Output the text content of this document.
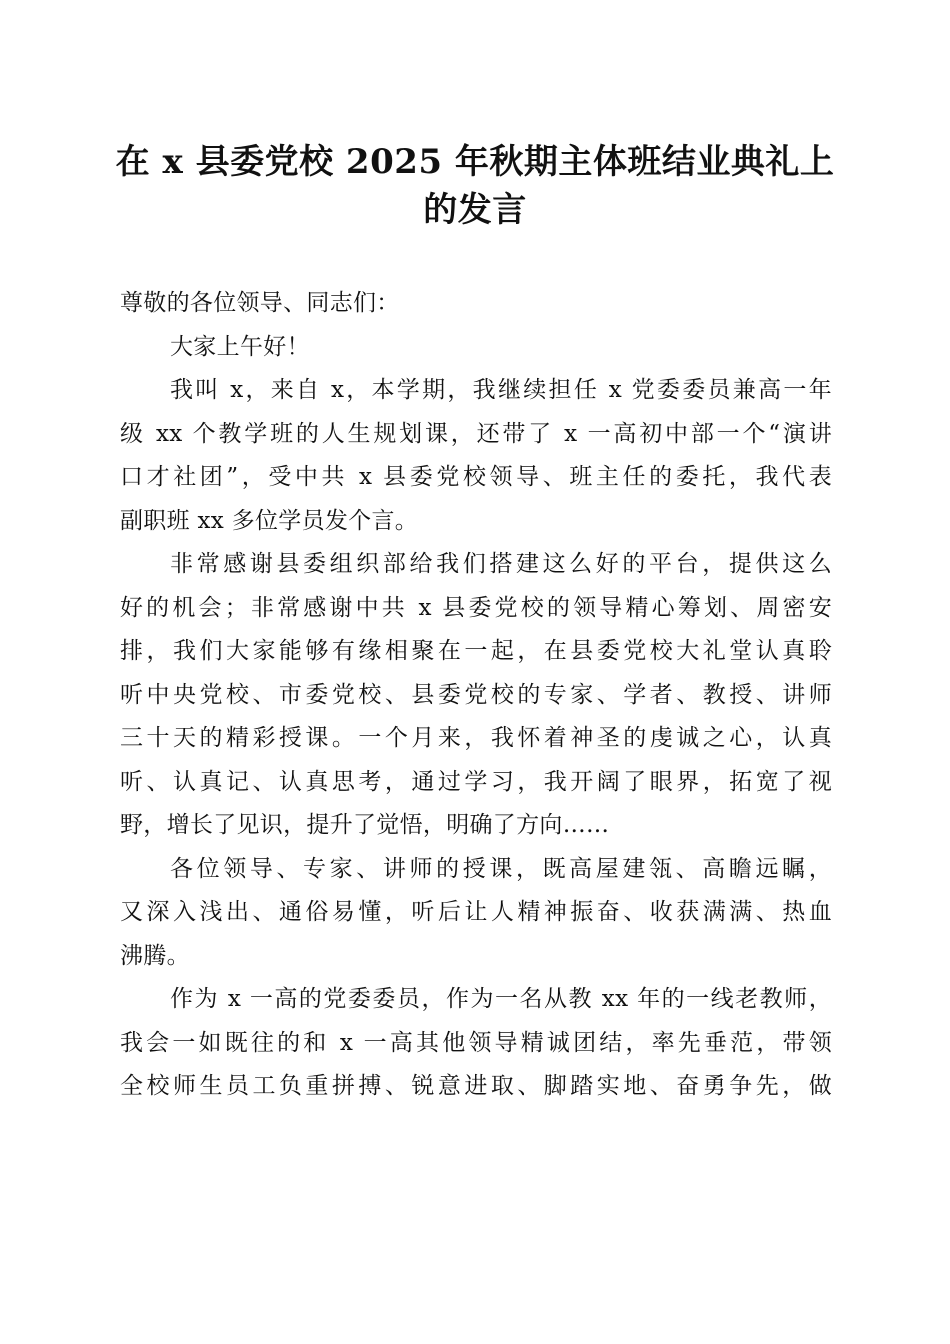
在 x 县委党校 2025 年秋期主体班结业典礼上
的发言
尊敬的各位领导、同志们：
大家上午好！
我叫 x，来自 x，本学期，我继续担任 x 党委委员兼高一年
级 xx 个教学班的人生规划课，还带了 x 一高初中部一个“演讲
口才社团”，受中共 x 县委党校领导、班主任的委托，我代表
副职班 xx 多位学员发个言。
非常感谢县委组织部给我们搭建这么好的平台，提供这么
好的机会；非常感谢中共 x 县委党校的领导精心筹划、周密安
排，我们大家能够有缘相聚在一起，在县委党校大礼堂认真聆
听中央党校、市委党校、县委党校的专家、学者、教授、讲师
三十天的精彩授课。一个月来，我怀着神圣的虔诚之心，认真
听、认真记、认真思考，通过学习，我开阔了眼界，拓宽了视
野，增长了见识，提升了觉悟，明确了方向……
各位领导、专家、讲师的授课，既高屋建瓴、高瞻远瞩，
又深入浅出、通俗易懂，听后让人精神振奋、收获满满、热血
沸腾。
作为 x 一高的党委委员，作为一名从教 xx 年的一线老教师，
我会一如既往的和 x 一高其他领导精诚团结，率先垂范，带领
全校师生员工负重拼搏、锐意进取、脚踏实地、奋勇争先，做
